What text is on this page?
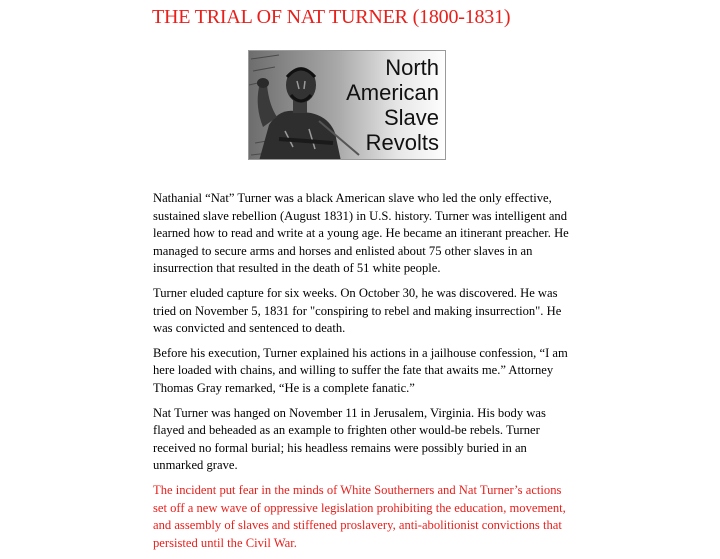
THE TRIAL OF NAT TURNER (1800-1831)
North
American
Slave
Revolts

Nathanial “Nat” Turner was a black American slave who led the only effective, sustained slave rebellion (August 1831) in U.S. history. Turner was intelligent and learned how to read and write at a young age. He became an itinerant preacher. He managed to secure arms and horses and enlisted about 75 other slaves in an insurrection that resulted in the death of 51 white people.

Turner eluded capture for six weeks. On October 30, he was discovered. He was tried on November 5, 1831 for "conspiring to rebel and making insurrection". He was convicted and sentenced to death.

Before his execution, Turner explained his actions in a jailhouse confession, “I am here loaded with chains, and willing to suffer the fate that awaits me.” Attorney Thomas Gray remarked, “He is a complete fanatic.”

Nat Turner was hanged on November 11 in Jerusalem, Virginia. His body was flayed and beheaded as an example to frighten other would-be rebels. Turner received no formal burial; his headless remains were possibly buried in an unmarked grave.

The incident put fear in the minds of White Southerners and Nat Turner’s actions set off a new wave of oppressive legislation prohibiting the education, movement, and assembly of slaves and stiffened proslavery, anti-abolitionist convictions that persisted until the Civil War.
